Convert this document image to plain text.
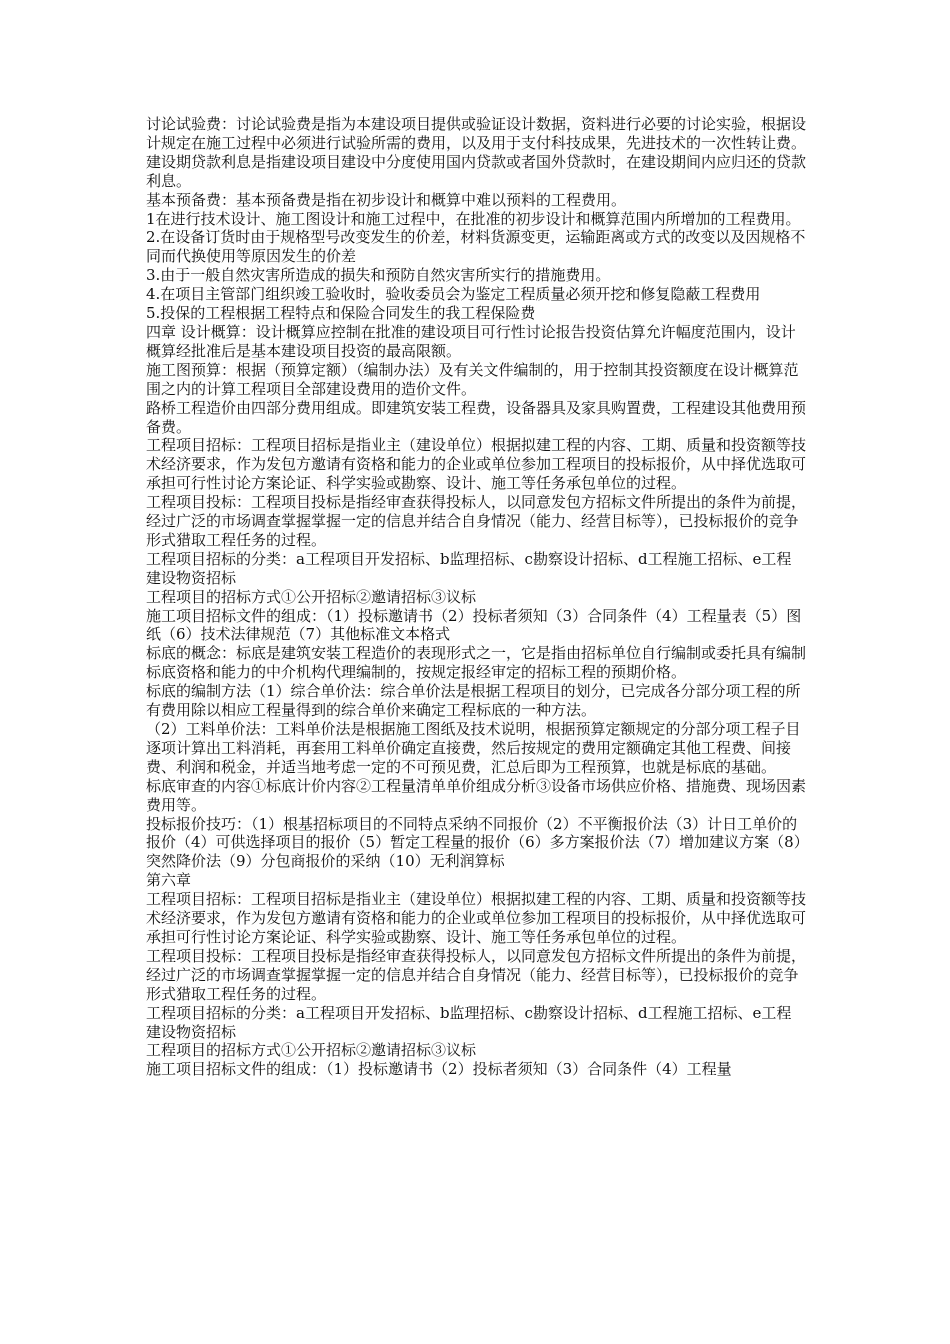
讨论试验费：讨论试验费是指为本建设项目提供或验证设计数据，资料进行必要的讨论实验，根据设计规定在施工过程中必须进行试验所需的费用，以及用于支付科技成果，先进技术的一次性转让费。

建设期贷款利息是指建设项目建设中分度使用国内贷款或者国外贷款时，在建设期间内应归还的贷款利息。

基本预备费：基本预备费是指在初步设计和概算中难以预料的工程费用。

1在进行技术设计、施工图设计和施工过程中，在批准的初步设计和概算范围内所增加的工程费用。

2.在设备订货时由于规格型号改变发生的价差，材料货源变更，运输距离或方式的改变以及因规格不同而代换使用等原因发生的价差

3.由于一般自然灾害所造成的损失和预防自然灾害所实行的措施费用。

4.在项目主管部门组织竣工验收时，验收委员会为鉴定工程质量必须开挖和修复隐蔽工程费用

5.投保的工程根据工程特点和保险合同发生的我工程保险费

四章 设计概算：设计概算应控制在批准的建设项目可行性讨论报告投资估算允许幅度范围内，设计概算经批准后是基本建设项目投资的最高限额。

施工图预算：根据（预算定额）（编制办法）及有关文件编制的，用于控制其投资额度在设计概算范围之内的计算工程项目全部建设费用的造价文件。

路桥工程造价由四部分费用组成。即建筑安装工程费，设备器具及家具购置费，工程建设其他费用预备费。

工程项目招标：工程项目招标是指业主（建设单位）根据拟建工程的内容、工期、质量和投资额等技术经济要求，作为发包方邀请有资格和能力的企业或单位参加工程项目的投标报价，从中择优选取可承担可行性讨论方案论证、科学实验或勘察、设计、施工等任务承包单位的过程。

工程项目投标：工程项目投标是指经审查获得投标人，以同意发包方招标文件所提出的条件为前提，经过广泛的市场调查掌握掌握一定的信息并结合自身情况（能力、经营目标等），已投标报价的竞争形式猎取工程任务的过程。

工程项目招标的分类：a工程项目开发招标、b监理招标、c勘察设计招标、d工程施工招标、e工程建设物资招标

工程项目的招标方式①公开招标②邀请招标③议标

施工项目招标文件的组成：（1）投标邀请书（2）投标者须知（3）合同条件（4）工程量表（5）图纸（6）技术法律规范（7）其他标准文本格式

标底的概念：标底是建筑安装工程造价的表现形式之一，它是指由招标单位自行编制或委托具有编制标底资格和能力的中介机构代理编制的，按规定报经审定的招标工程的预期价格。

标底的编制方法（1）综合单价法：综合单价法是根据工程项目的划分，已完成各分部分项工程的所有费用除以相应工程量得到的综合单价来确定工程标底的一种方法。

（2）工料单价法：工料单价法是根据施工图纸及技术说明，根据预算定额规定的分部分项工程子目逐项计算出工料消耗，再套用工料单价确定直接费，然后按规定的费用定额确定其他工程费、间接费、利润和税金，并适当地考虑一定的不可预见费，汇总后即为工程预算，也就是标底的基础。

标底审查的内容①标底计价内容②工程量清单单价组成分析③设备市场供应价格、措施费、现场因素费用等。

投标报价技巧：（1）根基招标项目的不同特点采纳不同报价（2）不平衡报价法（3）计日工单价的报价（4）可供选择项目的报价（5）暂定工程量的报价（6）多方案报价法（7）增加建议方案（8）突然降价法（9）分包商报价的采纳（10）无利润算标

第六章

工程项目招标：工程项目招标是指业主（建设单位）根据拟建工程的内容、工期、质量和投资额等技术经济要求，作为发包方邀请有资格和能力的企业或单位参加工程项目的投标报价，从中择优选取可承担可行性讨论方案论证、科学实验或勘察、设计、施工等任务承包单位的过程。

工程项目投标：工程项目投标是指经审查获得投标人，以同意发包方招标文件所提出的条件为前提，经过广泛的市场调查掌握掌握一定的信息并结合自身情况（能力、经营目标等），已投标报价的竞争形式猎取工程任务的过程。

工程项目招标的分类：a工程项目开发招标、b监理招标、c勘察设计招标、d工程施工招标、e工程建设物资招标

工程项目的招标方式①公开招标②邀请招标③议标

施工项目招标文件的组成：（1）投标邀请书（2）投标者须知（3）合同条件（4）工程量
